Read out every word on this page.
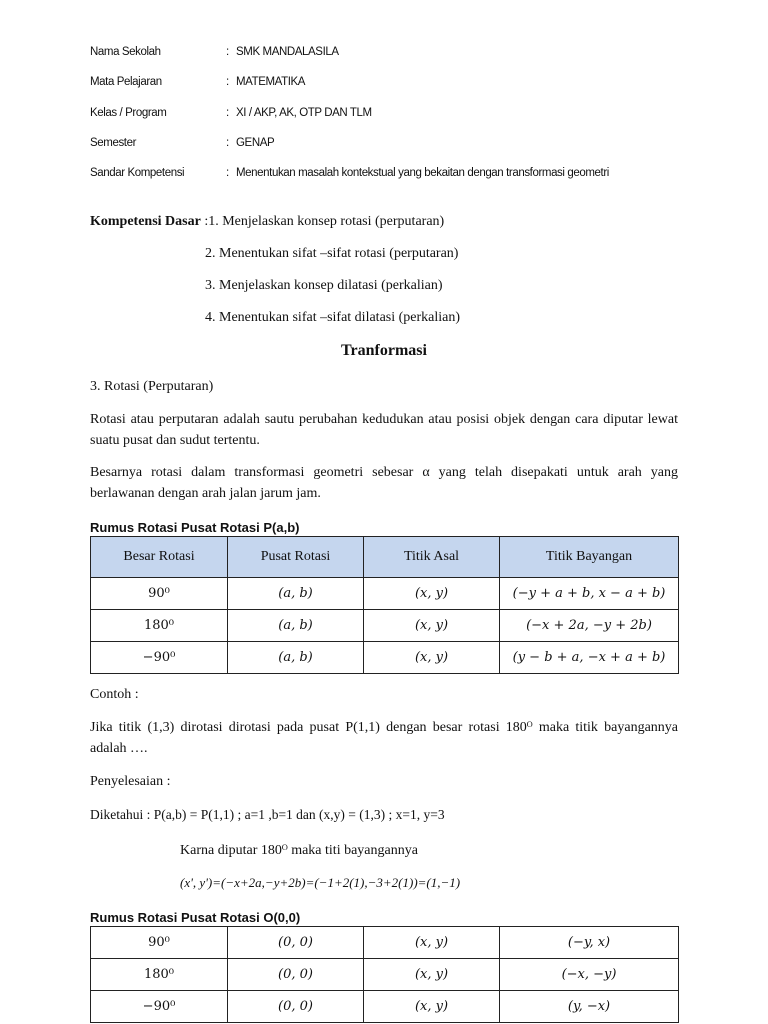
Nama Sekolah	: SMK MANDALASILA
Mata Pelajaran	: MATEMATIKA
Kelas / Program	: XI / AKP, AK, OTP DAN TLM
Semester	: GENAP
Sandar Kompetensi	: Menentukan masalah kontekstual yang bekaitan dengan transformasi geometri
Kompetensi Dasar :1. Menjelaskan konsep rotasi (perputaran)
2. Menentukan sifat –sifat rotasi (perputaran)
3. Menjelaskan konsep dilatasi (perkalian)
4. Menentukan sifat –sifat dilatasi (perkalian)
Tranformasi
3. Rotasi (Perputaran)
Rotasi atau perputaran adalah sautu perubahan kedudukan atau posisi objek dengan cara diputar lewat suatu pusat dan sudut tertentu.
Besarnya rotasi dalam transformasi geometri sebesar α yang telah disepakati untuk arah yang berlawanan dengan arah jalan jarum jam.
Rumus Rotasi Pusat Rotasi P(a,b)
Besar Rotasi	Pusat Rotasi	Titik Asal	Titik Bayangan
90⁰	(a, b)	(x, y)	(−y + a + b, x − a + b)
180⁰	(a, b)	(x, y)	(−x + 2a, −y + 2b)
−90⁰	(a, b)	(x, y)	(y − b + a, −x + a + b)
Contoh :
Jika titik (1,3) dirotasi dirotasi pada pusat P(1,1) dengan besar rotasi 180ᴼ maka titik bayangannya adalah ….
Penyelesaian :
Diketahui : P(a,b) = P(1,1) ; a=1 ,b=1 dan (x,y) = (1,3) ; x=1, y=3
Karna diputar 180ᴼ maka titi bayangannya
(x', y')=(−x+2a,−y+2b)=(−1+2(1),−3+2(1))=(1,−1)
Rumus Rotasi Pusat Rotasi O(0,0)
90⁰	(0, 0)	(x, y)	(−y, x)
180⁰	(0, 0)	(x, y)	(−x, −y)
−90⁰	(0, 0)	(x, y)	(y, −x)
